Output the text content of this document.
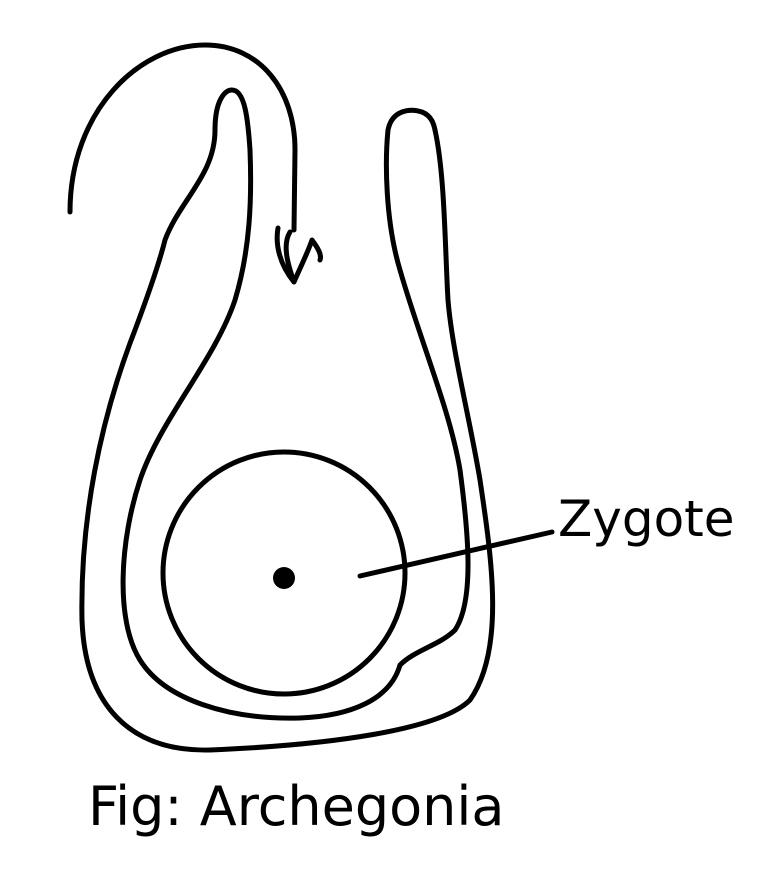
Zygote
Fig: Archegonia
